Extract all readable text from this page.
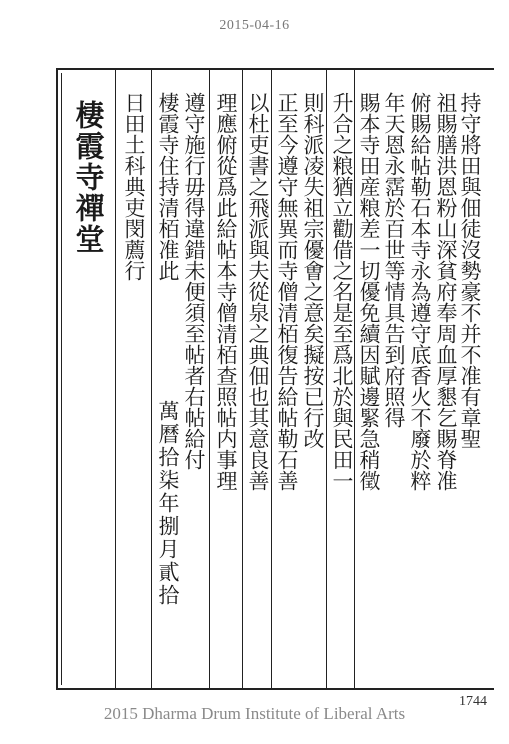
2015-04-16
棲霞寺禪堂 日田土科典吏閔薦行 棲霞寺住持清栢准此
萬曆拾柒年捌月貳拾
遵守施行毋得違錯未便須至帖者右帖給付 理應俯從爲此給帖本寺僧清栢查照帖内事理 以杜吏書之飛派與夫從泉之典佃也其意良善 正至今遵守無異而寺僧清栢復告給帖勒石善 則科派凌失祖宗優㑹之意矣擬按已行改 升合之粮猶立勸借之名是至爲北於與民田一 賜本寺田産粮差一切優免續因賦邊緊急稍徵 年天恩永霑於百世等情具告到府照得 俯賜給帖勒石本寺永為遵守底香火不廢於粹 祖賜膳洪恩粉山深貧府奉周血厚懇乞賜脊准 持守將田與佃徒沒勢豪不并不准有章聖
1744
2015 Dharma Drum Institute of Liberal Arts
